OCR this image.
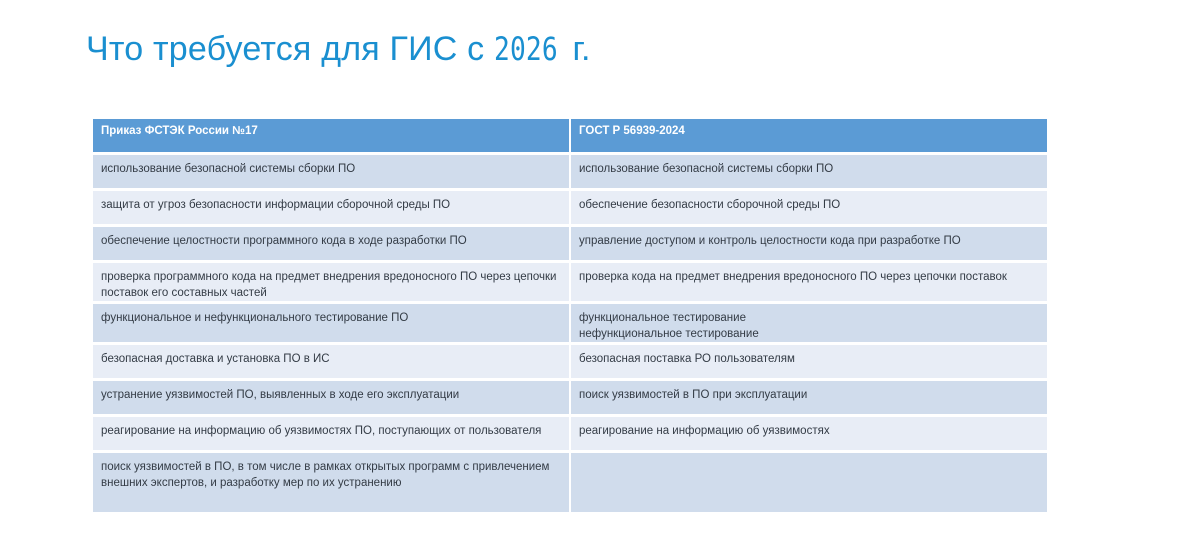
Что требуется для ГИС с 2026 г.
Приказ ФСТЭК России №17	ГОСТ Р 56939-2024
использование безопасной системы сборки ПО	использование безопасной системы сборки ПО

защита от угроз безопасности информации сборочной среды ПО	обеспечение безопасности сборочной среды ПО

обеспечение целостности программного кода в ходе разработки ПО	управление доступом и контроль целостности кода при разработке ПО

проверка программного кода на предмет внедрения вредоносного ПО через цепочки поставок его составных частей	проверка кода на предмет внедрения вредоносного ПО через цепочки поставок

функциональное и нефункционального тестирование ПО	функциональное тестирование
нефункциональное тестирование

безопасная доставка и установка ПО в ИС	безопасная поставка РО пользователям

устранение уязвимостей ПО, выявленных в ходе его эксплуатации	поиск уязвимостей в ПО при эксплуатации

реагирование на информацию об уязвимостях ПО, поступающих от пользователя	реагирование на информацию об уязвимостях

поиск уязвимостей в ПО, в том числе в рамках открытых программ с привлечением внешних экспертов, и разработку мер по их устранению	
